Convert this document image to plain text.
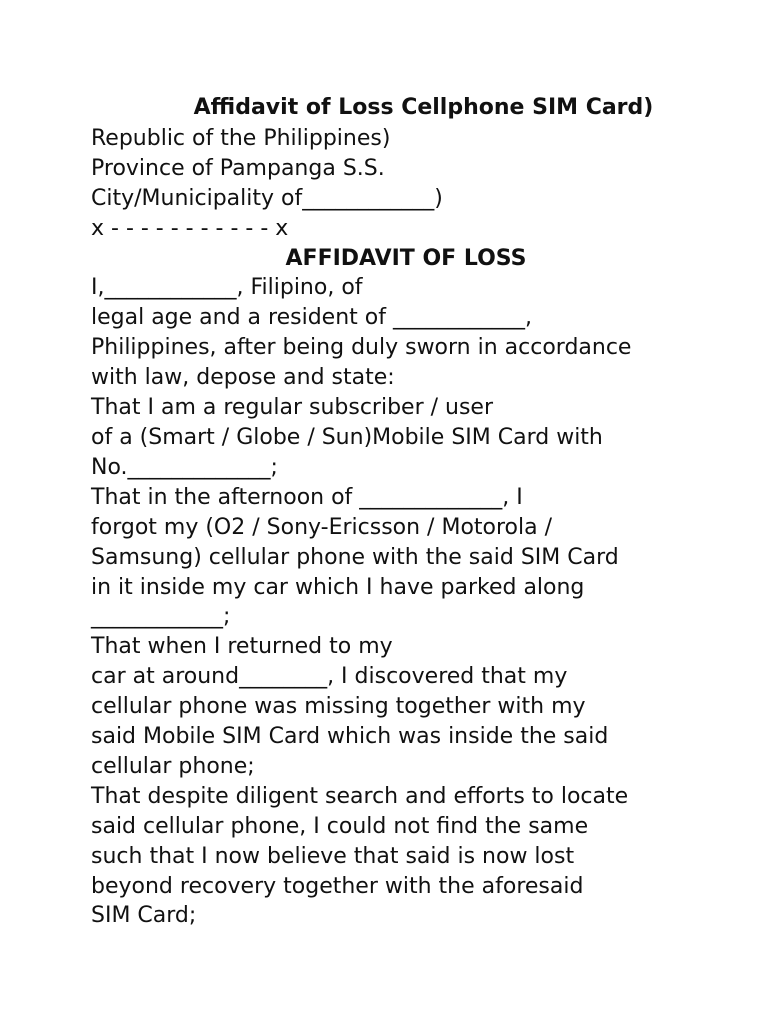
Affidavit of Loss Cellphone SIM Card)

Republic of the Philippines)

Province of Pampanga S.S.

City/Municipality of____________)

x - - - - - - - - - - - x

AFFIDAVIT OF LOSS

I,____________, Filipino, of

legal age and a resident of ____________,

Philippines, after being duly sworn in accordance

with law, depose and state:

That I am a regular subscriber / user

of a (Smart / Globe / Sun)Mobile SIM Card with

No._____________;

That in the afternoon of _____________, I

forgot my (O2 / Sony-Ericsson / Motorola /

Samsung) cellular phone with the said SIM Card

in it inside my car which I have parked along

____________;

That when I returned to my

car at around________, I discovered that my

cellular phone was missing together with my

said Mobile SIM Card which was inside the said

cellular phone;

That despite diligent search and efforts to locate

said cellular phone, I could not find the same

such that I now believe that said is now lost

beyond recovery together with the aforesaid

SIM Card;
